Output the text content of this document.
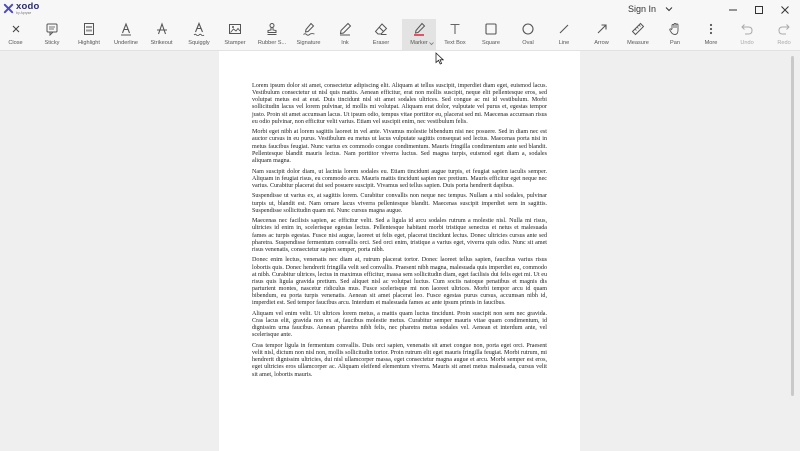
xodo
by Apryse	Sign In
Close	Sticky	Highlight	Underline Strikeout	Squiggly	Stamper Rubber S... Signature	Ink	Eraser	Marker	Text Box	Square	Oval	Line	Arrow	Measure	Pan	More	Undo	Redo

Lorem ipsum dolor sit amet, consectetur adipiscing elit. Aliquam at tellus suscipit, imperdiet diam eget, euismod lacus. Vestibulum consectetur ut nisl quis mattis. Aenean efficitur, erat non mollis suscipit, neque elit pellentesque eros, sed volutpat metus est at erat. Duis tincidunt nisl sit amet sodales ultrices. Sed congue ac mi id vestibulum. Morbi sollicitudin lacus vel lorem pulvinar, id mollis mi volutpat. Aliquam erat dolor, vulputate vel purus et, egestas tempor justo. Proin sit amet accumsan lacus. Ut ipsum odio, tempus vitae porttitor eu, placerat sed mi. Maecenas accumsan risus eu odio pulvinar, non efficitur velit varius. Etiam vel suscipit enim, nec vestibulum felis.

Morbi eget nibh at lorem sagittis laoreet in vel ante. Vivamus molestie bibendum nisi nec posuere. Sed in diam nec est auctor cursus in eu purus. Vestibulum eu metus ut lacus vulputate sagittis consequat sed lectus. Maecenas porta nisi in metus faucibus feugiat. Nunc varius ex commodo congue condimentum. Mauris fringilla condimentum ante sed blandit. Pellentesque blandit mauris lectus. Nam porttitor viverra luctus. Sed magna turpis, euismod eget diam a, sodales aliquam magna.

Nam suscipit dolor diam, ut lacinia lorem sodales eu. Etiam tincidunt augue turpis, et feugiat sapien iaculis semper. Aliquam in feugiat risus, eu commodo arcu. Mauris mattis tincidunt sapien nec pretium. Mauris efficitur eget neque nec varius. Curabitur placerat dui sed posuere suscipit. Vivamus sed tellus sapien. Duis porta hendrerit dapibus.

Suspendisse ut varius ex, at sagittis lorem. Curabitur convallis non neque nec tempus. Nullam a nisl sodales, pulvinar turpis ut, blandit est. Nam ornare lacus viverra pellentesque blandit. Maecenas suscipit imperdiet sem in sagittis. Suspendisse sollicitudin quam mi. Nunc cursus magna augue.

Maecenas nec facilisis sapien, ac efficitur velit. Sed a ligula id arcu sodales rutrum a molestie nisl. Nulla mi risus, ultricies id enim in, scelerisque egestas lectus. Pellentesque habitant morbi tristique senectus et netus et malesuada fames ac turpis egestas. Fusce nisi augue, laoreet ut felis eget, placerat tincidunt lectus. Donec ultricies cursus ante sed pharetra. Suspendisse fermentum convallis orci. Sed orci enim, tristique a varius eget, viverra quis odio. Nunc sit amet risus venenatis, consectetur sapien semper, porta nibh.

Donec enim lectus, venenatis nec diam at, rutrum placerat tortor. Donec laoreet tellus sapien, faucibus varius risus lobortis quis. Donec hendrerit fringilla velit sed convallis. Praesent nibh magna, malesuada quis imperdiet eu, commodo at nibh. Curabitur ultrices, lectus in maximus efficitur, massa sem sollicitudin diam, eget facilisis dui felis eget mi. Ut eu risus quis ligula gravida pretium. Sed aliquet nisl ac volutpat luctus. Cum sociis natoque penatibus et magnis dis parturient montes, nascetur ridiculus mus. Fusce scelerisque mi non laoreet ultrices. Morbi tempor arcu id quam bibendum, eu porta turpis venenatis. Aenean sit amet placerat leo. Fusce egestas purus cursus, accumsan nibh id, imperdiet est. Sed tempor faucibus arcu. Interdum et malesuada fames ac ante ipsum primis in faucibus.

Aliquam vel enim velit. Ut ultrices lorem metus, a mattis quam luctus tincidunt. Proin suscipit non sem nec gravida. Cras lacus elit, gravida non ex at, faucibus molestie metus. Curabitur semper mauris vitae quam condimentum, id dignissim urna faucibus. Aenean pharetra nibh felis, nec pharetra metus sodales vel. Aenean et interdum ante, vel scelerisque ante.

Cras tempor ligula in fermentum convallis. Duis orci sapien, venenatis sit amet congue non, porta eget orci. Praesent velit nisl, dictum non nisl non, mollis sollicitudin tortor. Proin rutrum elit eget mauris fringilla feugiat. Morbi rutrum, mi hendrerit dignissim ultricies, dui nisl ullamcorper massa, eget consectetur magna augue et arcu. Morbi semper est eros, eget ultricies eros ullamcorper ac. Aliquam eleifend elementum viverra. Mauris sit amet metus malesuada, cursus velit sit amet, lobortis mauris.
